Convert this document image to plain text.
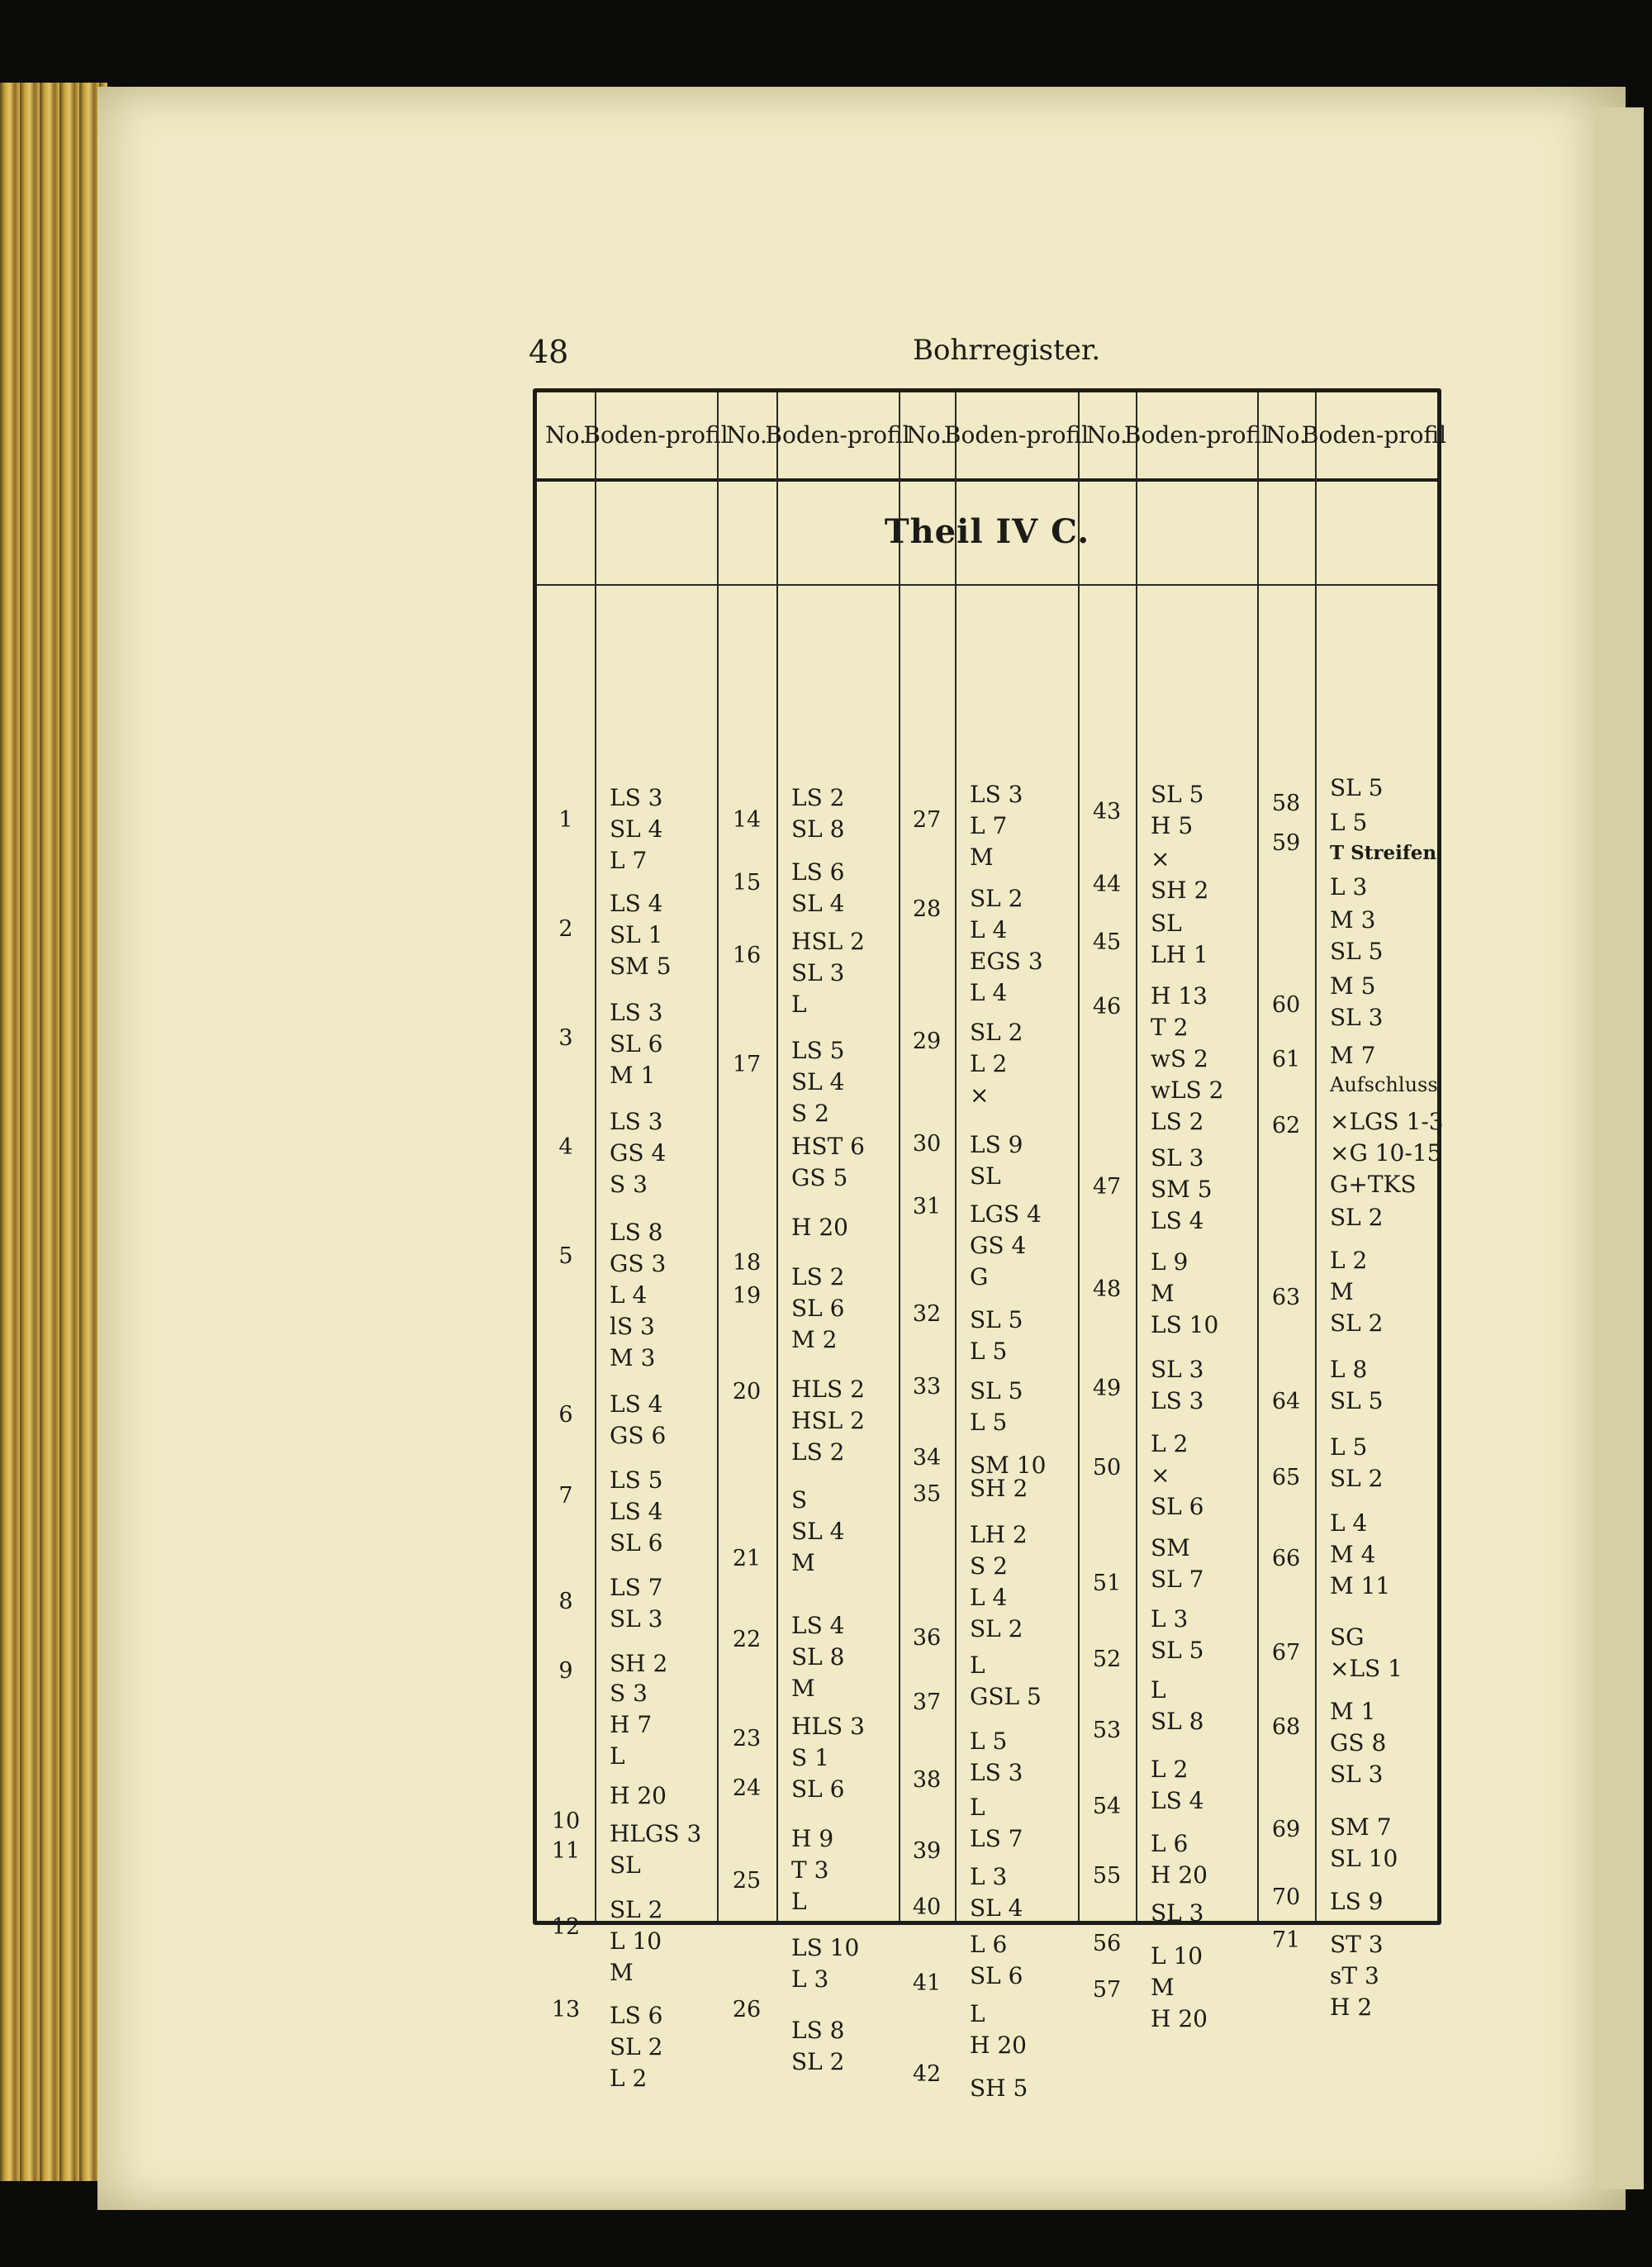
48	Bohrregister.
Theil IV C.
No.
Boden- profil
No.
Boden- profil
No.
Boden- profil
No.
Boden- profil
No.
Boden- profil
1
2
3
4
5
6
7
8
9
10
11
12
13
14
15
16
17
18
19
20
21
22
23
24
25
26
27
28
29
30
31
32
33
34
35
36
37
38
39
40
41
42
43
44
45
46
47
48
49
50
51
52
53
54
55
56
57
58
59
60
61
62
63
64
65
66
67
68
69
70
71
LS 3
SL 4
L 7
LS 4
SL 1
SM 5
LS 3
SL 6
M 1
LS 3
GS 4
S 3
LS 8
GS 3
L 4
lS 3
M 3
LS 4
GS 6
LS 5
LS 4
SL 6
LS 7
SL 3
SH 2
S 3
H 7
L
H 20
HLGS 3
SL
SL 2
L 10
M
LS 6
SL 2
L 2
LS 2
SL 8
LS 6
SL 4
HSL 2
SL 3
L
LS 5
SL 4
S 2
HST 6
GS 5
H 20
LS 2
SL 6
M 2
HLS 2
HSL 2
LS 2
S
SL 4
M
LS 4
SL 8
M
HLS 3
S 1
SL 6
H 9
T 3
L
LS 10
L 3
LS 8
SL 2
LS 3
L 7
M
SL 2
L 4
EGS 3
L 4
SL 2
L 2
×
LS 9
SL
LGS 4
GS 4
G
SL 5
L 5
SL 5
L 5
SM 10
SH 2
LH 2
S 2
L 4
SL 2
L
GSL 5
L 5
LS 3
L
LS 7
L 3
SL 4
L 6
SL 6
L
H 20
SH 5
SL 5
H 5
×
SH 2
SL
LH 1
H 13
T 2
wS 2
wLS 2
LS 2
SL 3
SM 5
LS 4
L 9
M
LS 10
SL 3
LS 3
L 2
×
SL 6
SM
SL 7
L 3
SL 5
L
SL 8
L 2
LS 4
L 6
H 20
SL 3
L 10
M
H 20
SL 5
L 5
T Streifen
L 3
M 3
SL 5
M 5
SL 3
M 7
Aufschluss
×LGS 1-3
×G 10-15
G+TKS
SL 2
L 2
M
SL 2
L 8
SL 5
L 5
SL 2
L 4
M 4
M 11
SG
×LS 1
M 1
GS 8
SL 3
SM 7
SL 10
LS 9
ST 3
sT 3
H 2
